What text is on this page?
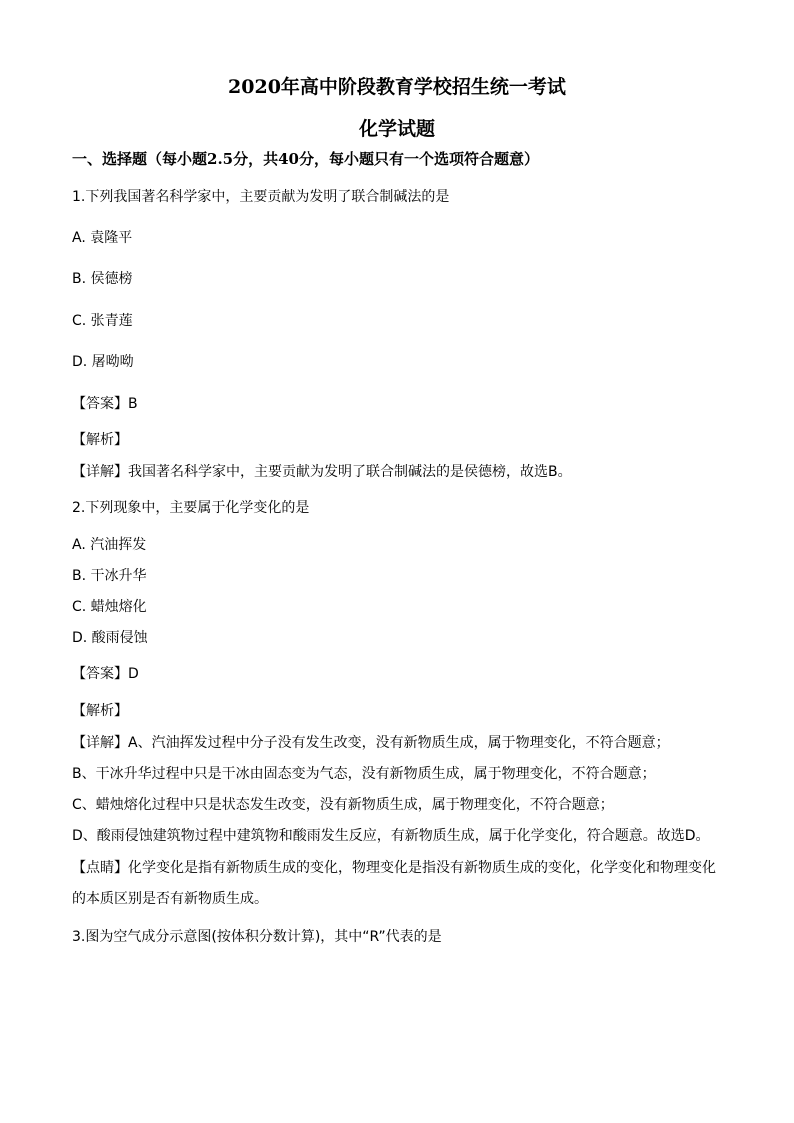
2020年高中阶段教育学校招生统一考试
化学试题
一、选择题（每小题2.5分，共40分，每小题只有一个选项符合题意）
1.下列我国著名科学家中，主要贡献为发明了联合制碱法的是
A. 袁隆平
B. 侯德榜
C. 张青莲
D. 屠呦呦
【答案】B
【解析】
【详解】我国著名科学家中，主要贡献为发明了联合制碱法的是侯德榜，故选B。
2.下列现象中，主要属于化学变化的是
A. 汽油挥发
B. 干冰升华
C. 蜡烛熔化
D. 酸雨侵蚀
【答案】D
【解析】
【详解】A、汽油挥发过程中分子没有发生改变，没有新物质生成，属于物理变化，不符合题意；
B、干冰升华过程中只是干冰由固态变为气态，没有新物质生成，属于物理变化，不符合题意；
C、蜡烛熔化过程中只是状态发生改变，没有新物质生成，属于物理变化，不符合题意；
D、酸雨侵蚀建筑物过程中建筑物和酸雨发生反应，有新物质生成，属于化学变化，符合题意。故选D。
【点睛】化学变化是指有新物质生成的变化，物理变化是指没有新物质生成的变化，化学变化和物理变化
的本质区别是否有新物质生成。
3.图为空气成分示意图(按体积分数计算)，其中“R”代表的是
